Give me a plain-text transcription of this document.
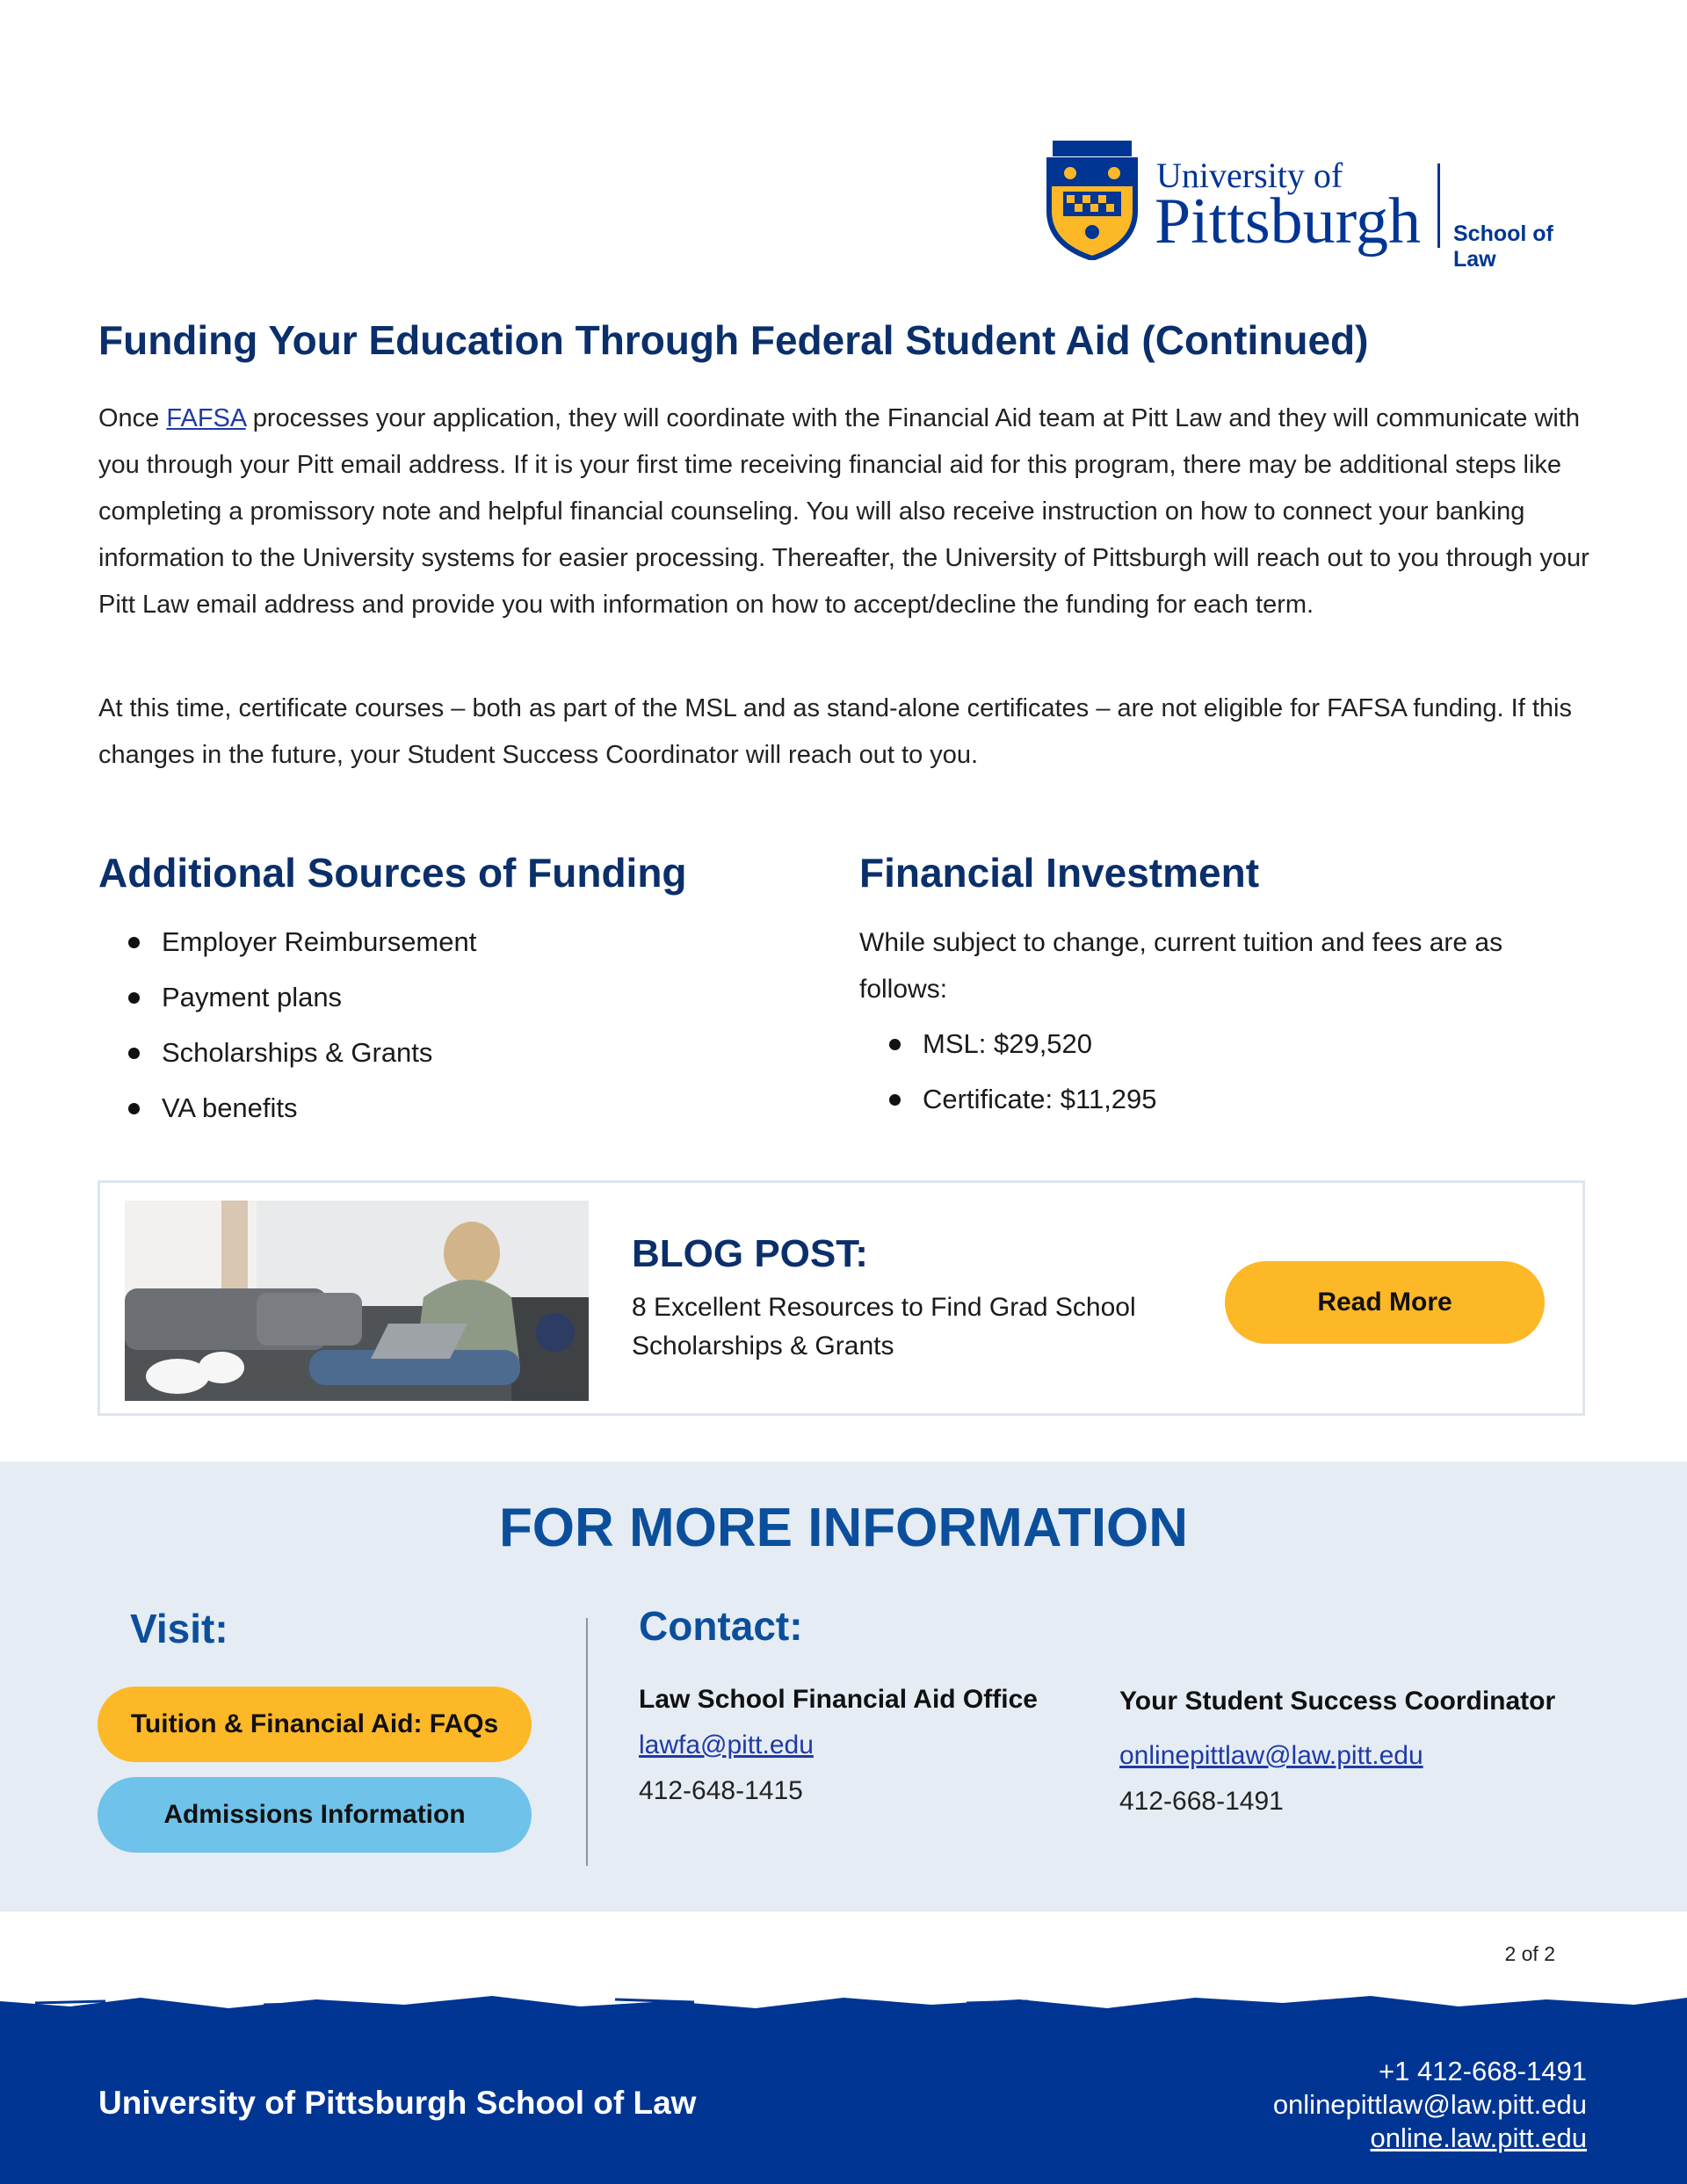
University of
Pittsburgh School of Law
Funding Your Education Through Federal Student Aid (Continued)

Once FAFSA processes your application, they will coordinate with the Financial Aid team at Pitt Law and they will communicate with you through your Pitt email address. If it is your first time receiving financial aid for this program, there may be additional steps like completing a promissory note and helpful financial counseling. You will also receive instruction on how to connect your banking information to the University systems for easier processing. Thereafter, the University of Pittsburgh will reach out to you through your Pitt Law email address and provide you with information on how to accept/decline the funding for each term.

At this time, certificate courses – both as part of the MSL and as stand-alone certificates – are not eligible for FAFSA funding. If this changes in the future, your Student Success Coordinator will reach out to you.

Additional Sources of Funding
Employer Reimbursement
Payment plans
Scholarships & Grants
VA benefits
Financial Investment

While subject to change, current tuition and fees are as follows:

MSL: $29,520
Certificate: $11,295
BLOG POST:
8 Excellent Resources to Find Grad School
Scholarships & Grants
Read More
FOR MORE INFORMATION
Visit:
Tuition & Financial Aid: FAQs
Admissions Information
Contact:

Law School Financial Aid Office

lawfa@pitt.edu
412-648-1415

Your Student Success Coordinator

onlinepittlaw@law.pitt.edu
412-668-1491
2 of 2
University of Pittsburgh School of Law
+1 412-668-1491
onlinepittlaw@law.pitt.edu
online.law.pitt.edu
